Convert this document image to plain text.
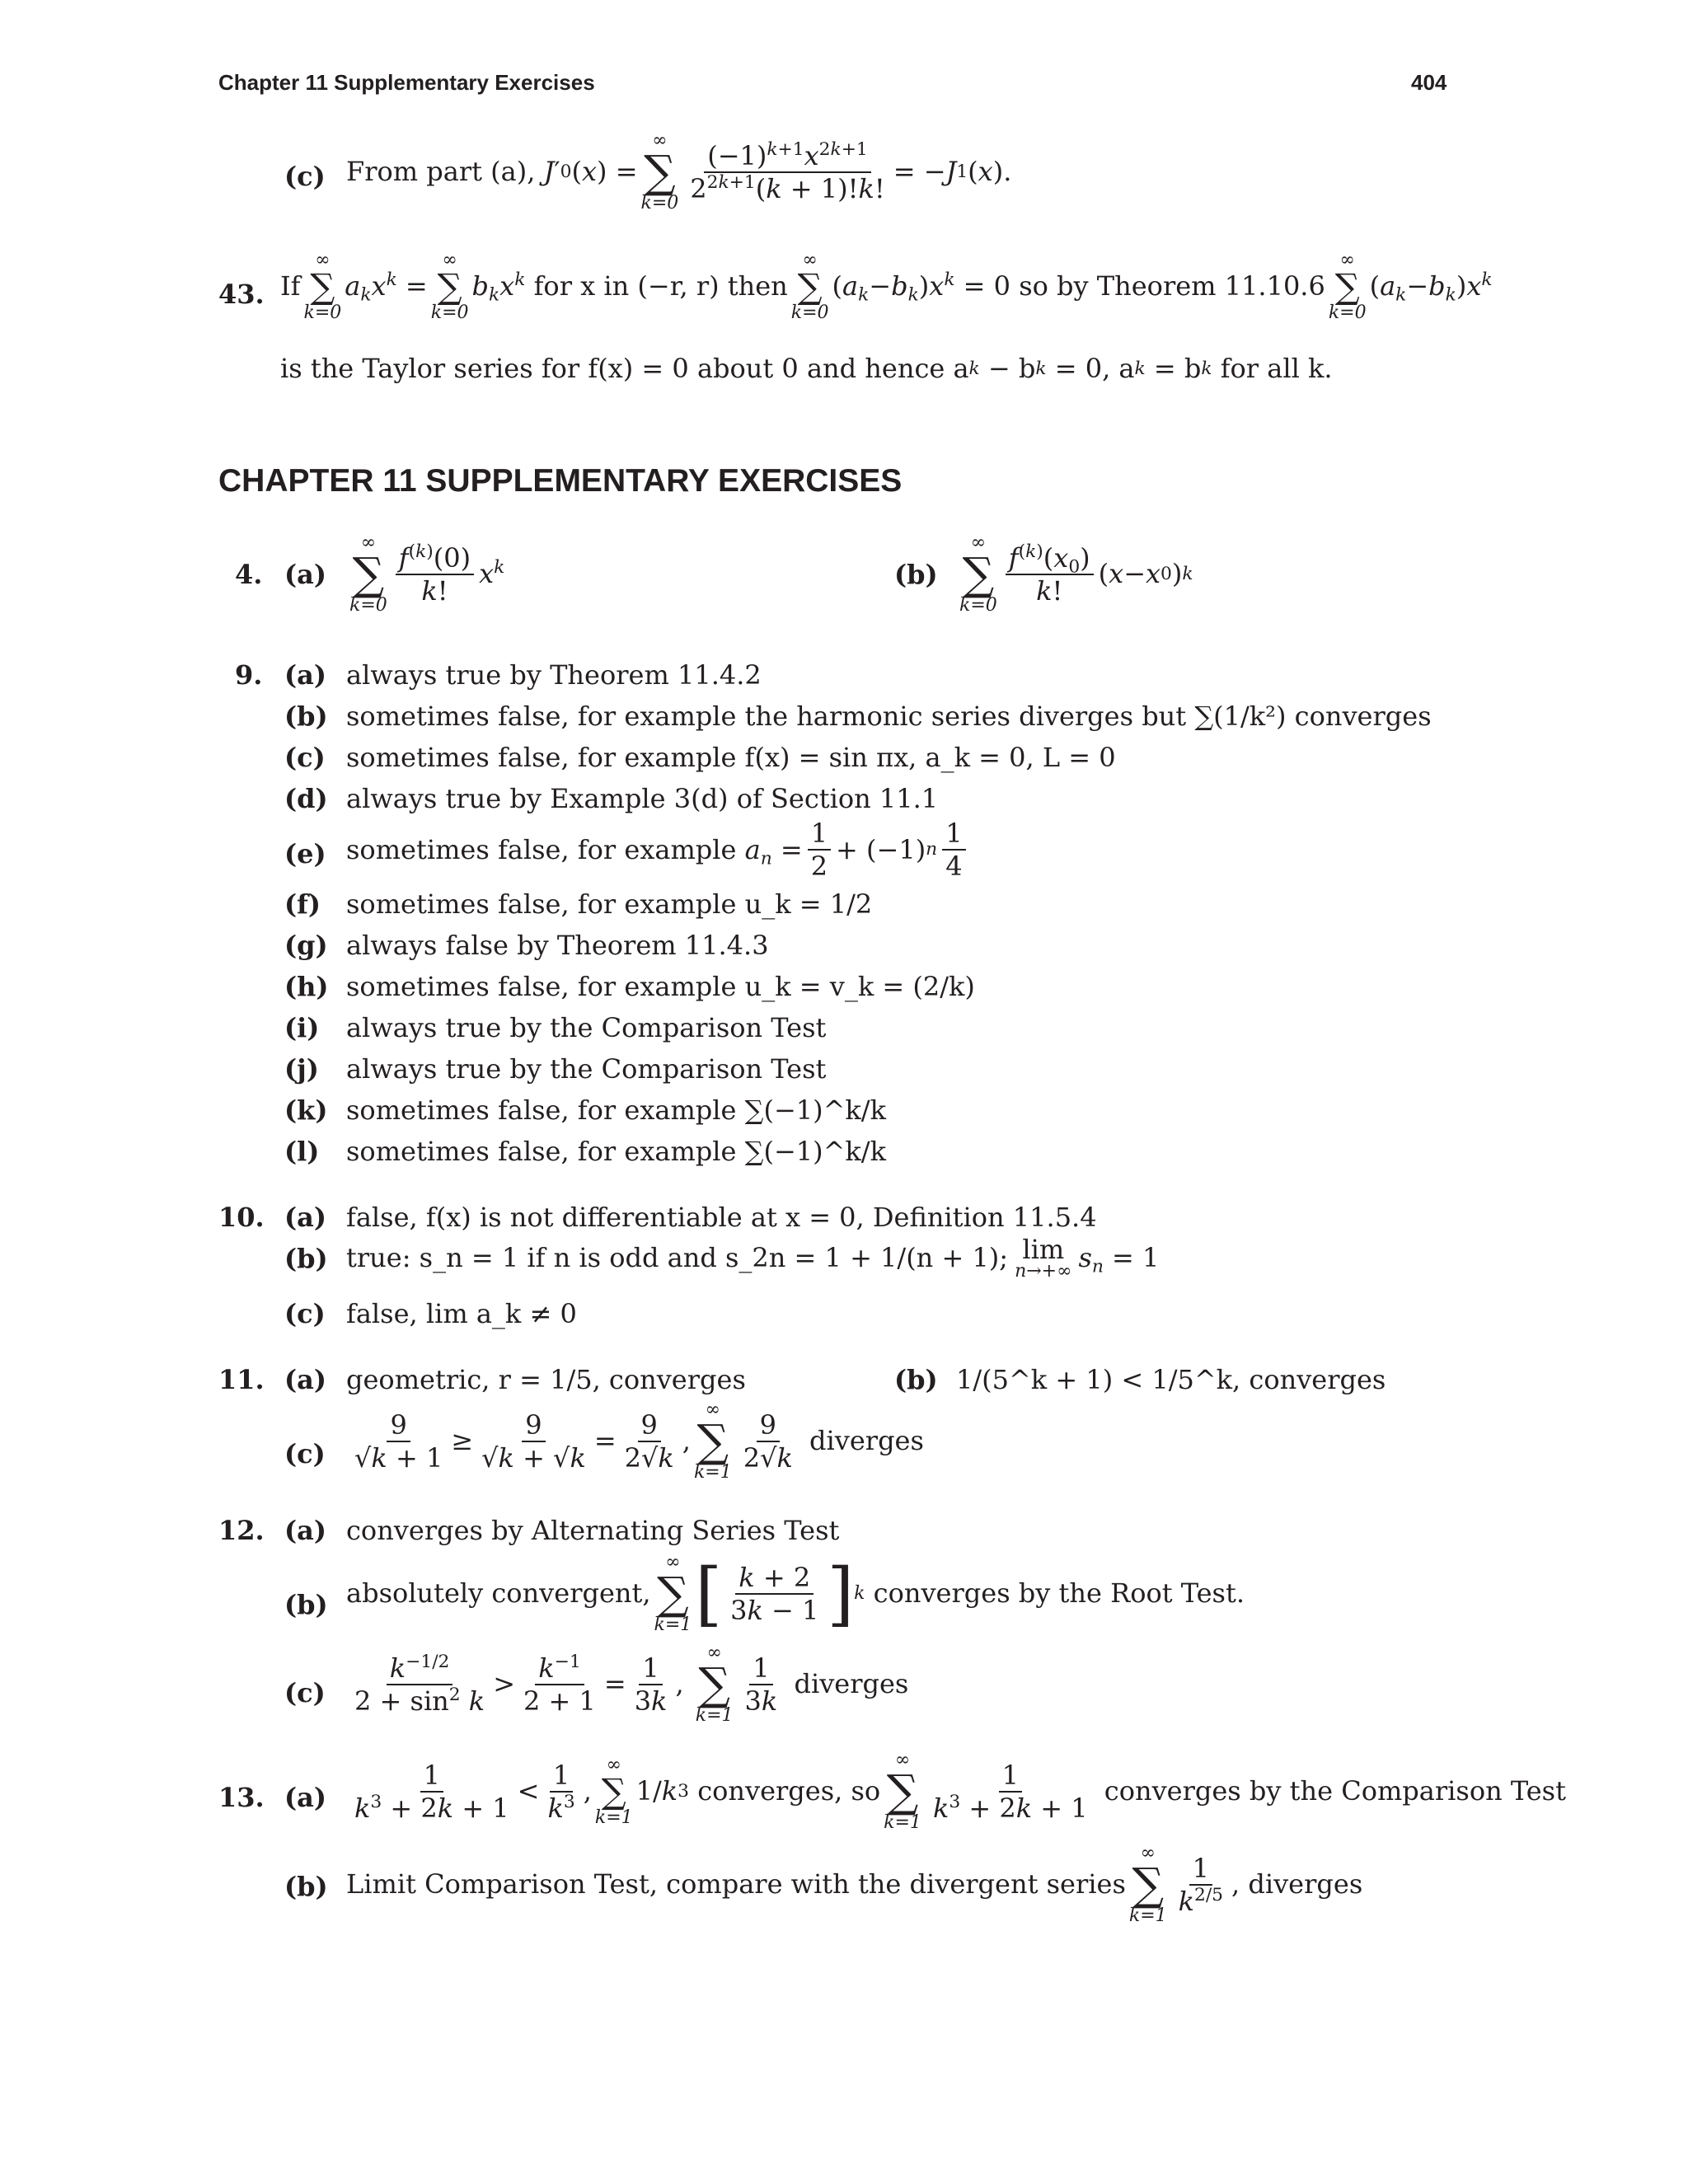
Chapter 11 Supplementary Exercises	404
(c) From part (a),
J ′ 0 ( x ) =
∞
∑
$k=0 \frac{(-1)^{k+1}x^{2k+1}}{2^{2k+1}(k + 1)!k!}$ = − J 1 ( x ).
43. If
∞
∑
k=0
$a_kx^k$ =
∞
∑
k=0
$b_kx^k$
for x in (−r, r) then
∞
∑
k=0
( $a_k - b_k$ ) $x^k$
= 0 so by Theorem 11.10.6
∞
∑
k=0
( $a_k - b_k$ ) $x^k$
is the Taylor series for f(x) = 0 about 0 and hence a k
− b k
= 0, a k
= b k
for all k.
CHAPTER 11 SUPPLEMENTARY EXERCISES
4. (a)
∞
∑
$k=0 \frac{f^{(k)}(0)}{k!} x^k$	(b)
∞
∑
$k=0 \frac{f^{(k)}(x_0)}{k!}$ ( x − x 0 ) k
9. (a) always true by Theorem 11.4.2
(b) sometimes false, for example the harmonic series diverges but ∑(1/k²) converges
(c) sometimes false, for example f(x) = sin πx, a_k = 0, L = 0
(d) always true by Example 3(d) of Section 11.1
(e) sometimes false, for example
$a_n = \frac{1}{2} + (-1)$ n $\frac{1}{4}$
(f) sometimes false, for example u_k = 1/2
(g) always false by Theorem 11.4.3
(h) sometimes false, for example u_k = v_k = (2/k)
(i) always true by the Comparison Test
(j) always true by the Comparison Test
(k) sometimes false, for example ∑(−1)^k/k
(l) sometimes false, for example ∑(−1)^k/k
10. (a) false, f(x) is not differentiable at x = 0, Definition 11.5.4
(b) true: s_n = 1 if n is odd and s_2n = 1 + 1/(n + 1); lim
n→+∞ $s_n = 1$
(c) false, lim a_k ≠ 0
11. (a) geometric, r = 1/5, converges	(b) 1/(5^k + 1) < 1/5^k, converges
$(c) \frac{9}{√k + 1} \ge \frac{9}{√k + √k} = \frac{9}{2√k}$ ,
∞
∑
$k=1 \frac{9}{2√k}$
diverges
12. (a) converges by Alternating Series Test
(b) absolutely convergent,
∞
∑
k=1 [ $\frac{k + 2}{3k - 1}$ ] k
converges by the Root Test.
$(c) \frac{k^{-1/2}}{2 + \sin^2 k} > \frac{k^{-1}}{2 + 1} = \frac{1}{3k}$ ,
∞
∑
$k=1 \frac{1}{3k}$
diverges
13. $(a) \frac{1}{k^3 + 2k + 1} < \frac{1}{k^3}$ ,
∞
∑
k=1
1/ k 3
converges, so
∞
∑
$k=1 \frac{1}{k^3 + 2k + 1}$
converges by the Comparison Test
(b) Limit Comparison Test, compare with the divergent series
∞
∑
$k=1 \frac{1}{k^{2/5}}$ , diverges
